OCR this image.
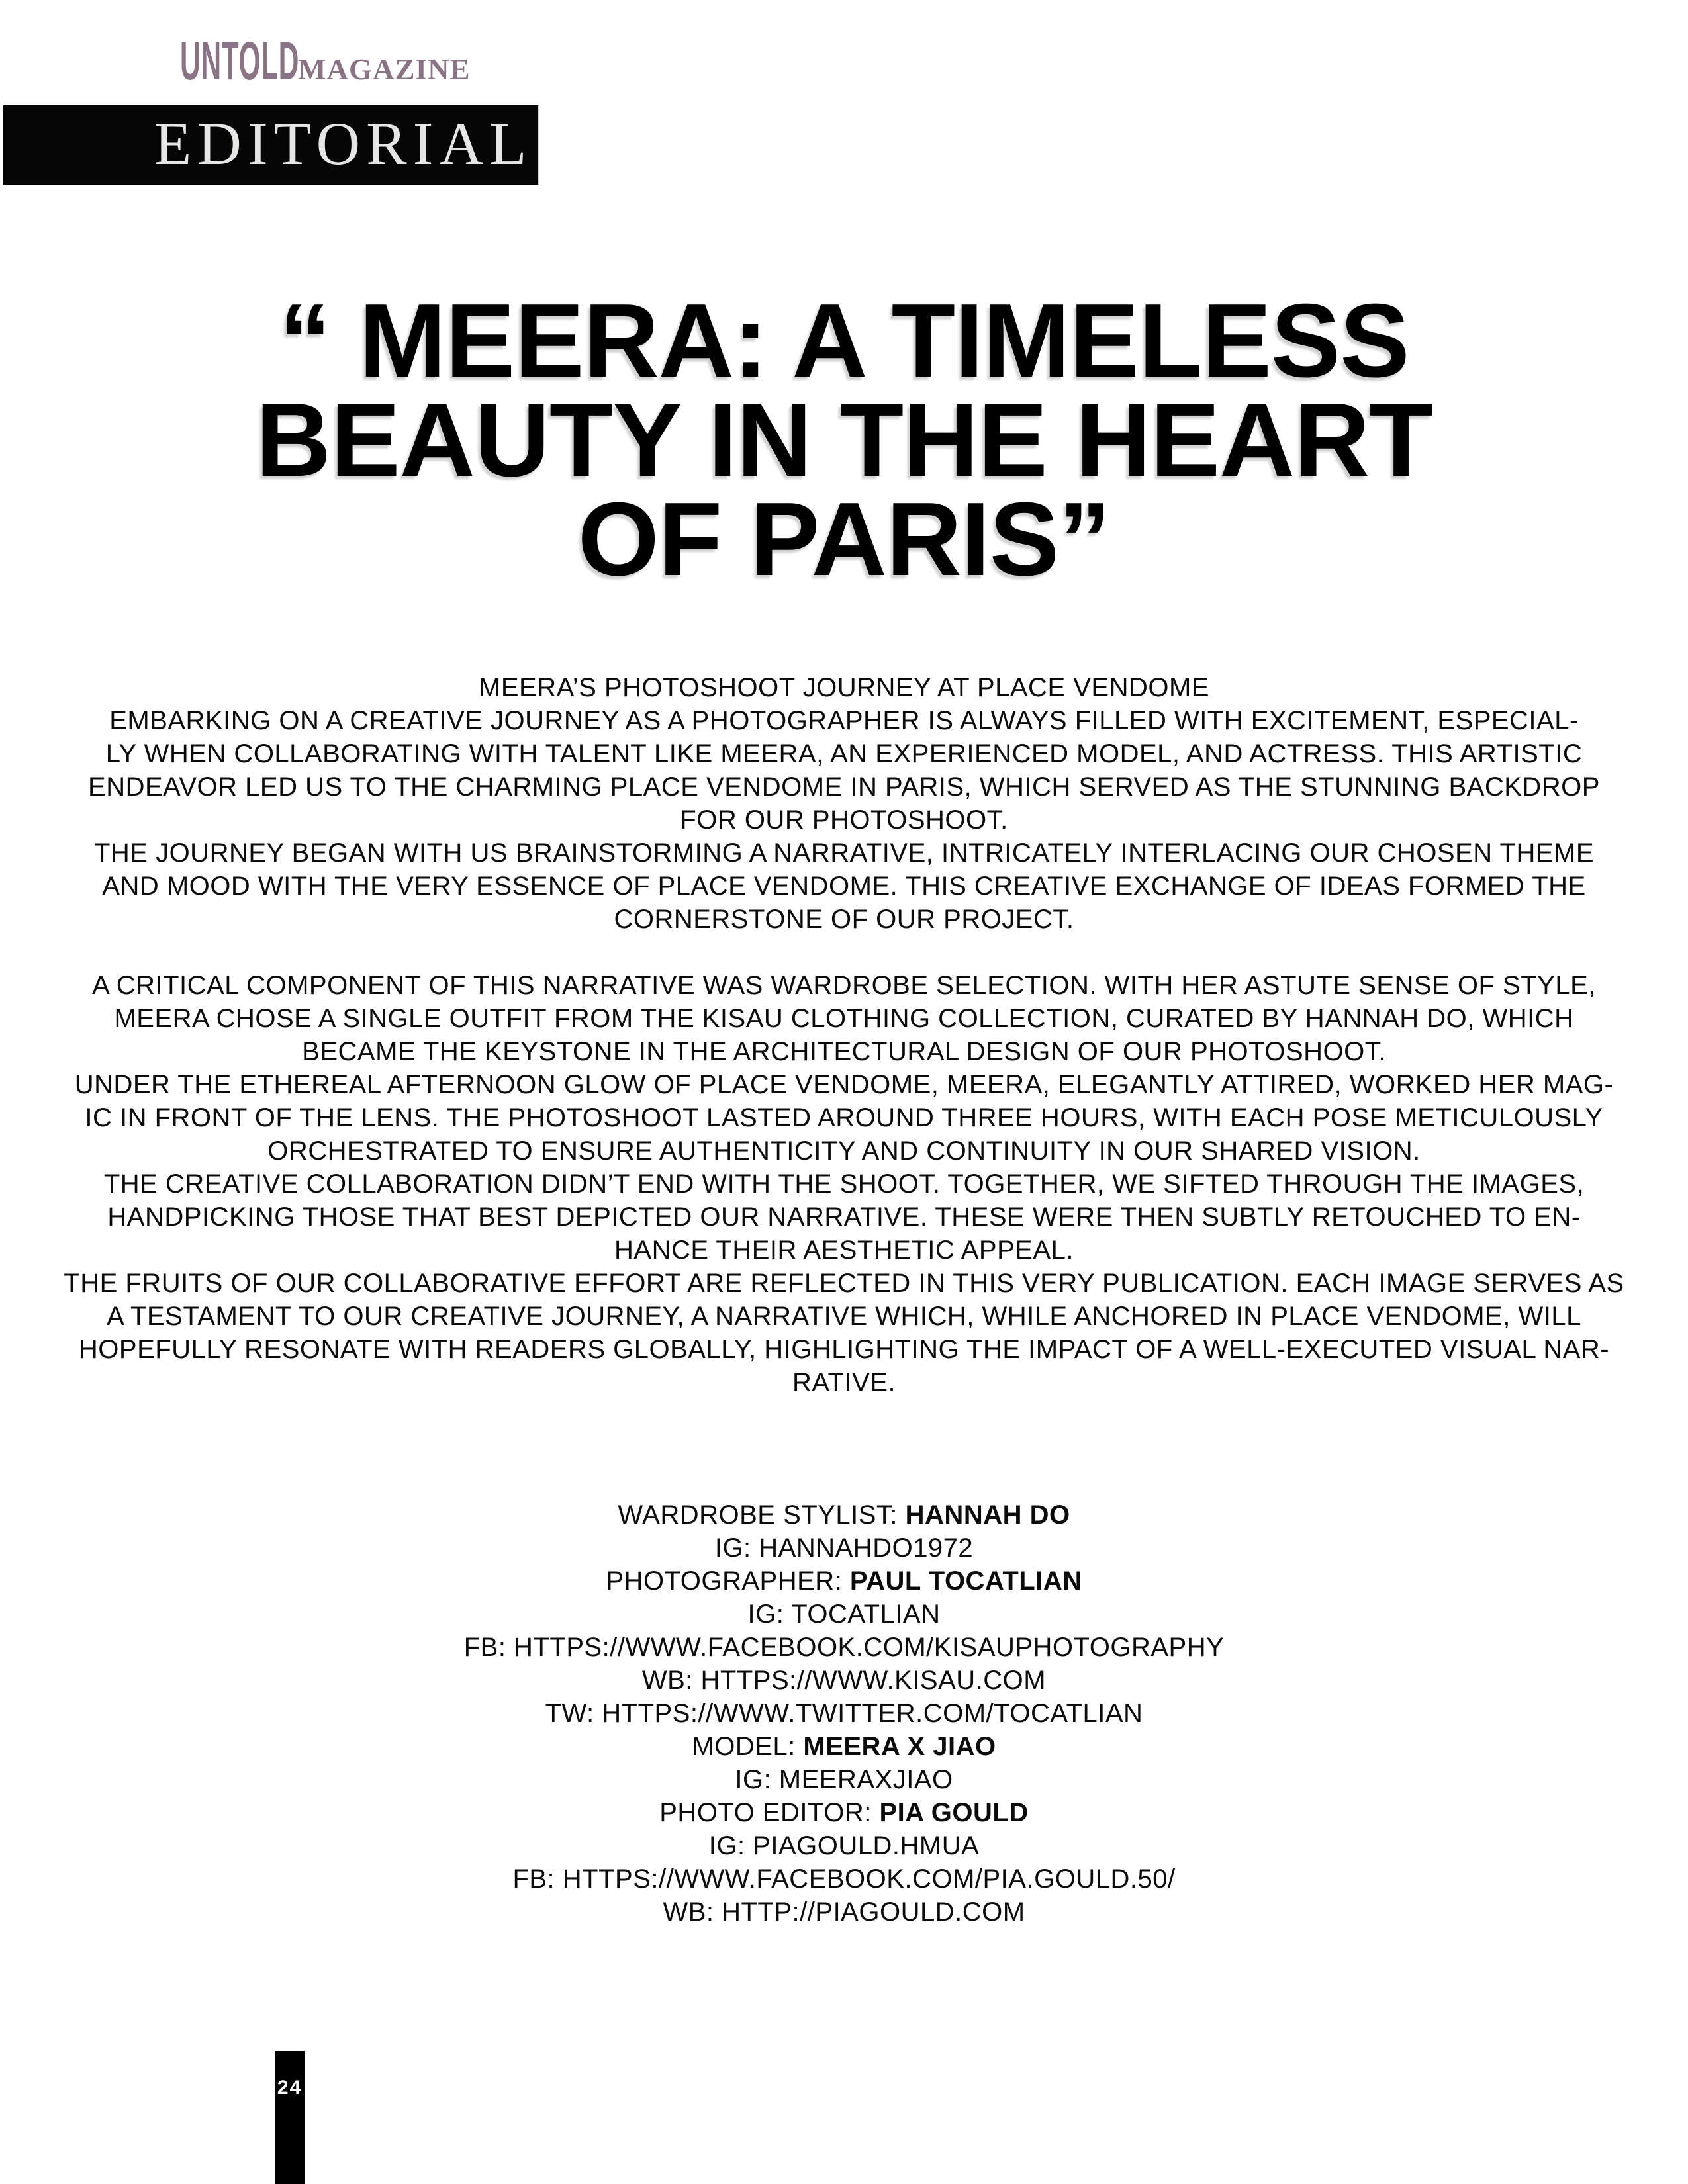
UNTOLD
MAGAZINE
EDITORIAL
“ MEERA: A TIMELESS
BEAUTY IN THE HEART
OF PARIS”
MEERA’S PHOTOSHOOT JOURNEY AT PLACE VENDOME
EMBARKING ON A CREATIVE JOURNEY AS A PHOTOGRAPHER IS ALWAYS FILLED WITH EXCITEMENT, ESPECIAL-
LY WHEN COLLABORATING WITH TALENT LIKE MEERA, AN EXPERIENCED MODEL, AND ACTRESS. THIS ARTISTIC
ENDEAVOR LED US TO THE CHARMING PLACE VENDOME IN PARIS, WHICH SERVED AS THE STUNNING BACKDROP
FOR OUR PHOTOSHOOT.
THE JOURNEY BEGAN WITH US BRAINSTORMING A NARRATIVE, INTRICATELY INTERLACING OUR CHOSEN THEME
AND MOOD WITH THE VERY ESSENCE OF PLACE VENDOME. THIS CREATIVE EXCHANGE OF IDEAS FORMED THE
CORNERSTONE OF OUR PROJECT.
A CRITICAL COMPONENT OF THIS NARRATIVE WAS WARDROBE SELECTION. WITH HER ASTUTE SENSE OF STYLE,
MEERA CHOSE A SINGLE OUTFIT FROM THE KISAU CLOTHING COLLECTION, CURATED BY HANNAH DO, WHICH
BECAME THE KEYSTONE IN THE ARCHITECTURAL DESIGN OF OUR PHOTOSHOOT.
UNDER THE ETHEREAL AFTERNOON GLOW OF PLACE VENDOME, MEERA, ELEGANTLY ATTIRED, WORKED HER MAG-
IC IN FRONT OF THE LENS. THE PHOTOSHOOT LASTED AROUND THREE HOURS, WITH EACH POSE METICULOUSLY
ORCHESTRATED TO ENSURE AUTHENTICITY AND CONTINUITY IN OUR SHARED VISION.
THE CREATIVE COLLABORATION DIDN’T END WITH THE SHOOT. TOGETHER, WE SIFTED THROUGH THE IMAGES,
HANDPICKING THOSE THAT BEST DEPICTED OUR NARRATIVE. THESE WERE THEN SUBTLY RETOUCHED TO EN-
HANCE THEIR AESTHETIC APPEAL.
THE FRUITS OF OUR COLLABORATIVE EFFORT ARE REFLECTED IN THIS VERY PUBLICATION. EACH IMAGE SERVES AS
A TESTAMENT TO OUR CREATIVE JOURNEY, A NARRATIVE WHICH, WHILE ANCHORED IN PLACE VENDOME, WILL
HOPEFULLY RESONATE WITH READERS GLOBALLY, HIGHLIGHTING THE IMPACT OF A WELL-EXECUTED VISUAL NAR-
RATIVE.
WARDROBE STYLIST: HANNAH DO
IG: HANNAHDO1972
PHOTOGRAPHER: PAUL TOCATLIAN
IG: TOCATLIAN
FB: HTTPS://WWW.FACEBOOK.COM/KISAUPHOTOGRAPHY
WB: HTTPS://WWW.KISAU.COM
TW: HTTPS://WWW.TWITTER.COM/TOCATLIAN
MODEL: MEERA X JIAO
IG: MEERAXJIAO
PHOTO EDITOR: PIA GOULD
IG: PIAGOULD.HMUA
FB: HTTPS://WWW.FACEBOOK.COM/PIA.GOULD.50/
WB: HTTP://PIAGOULD.COM
24
